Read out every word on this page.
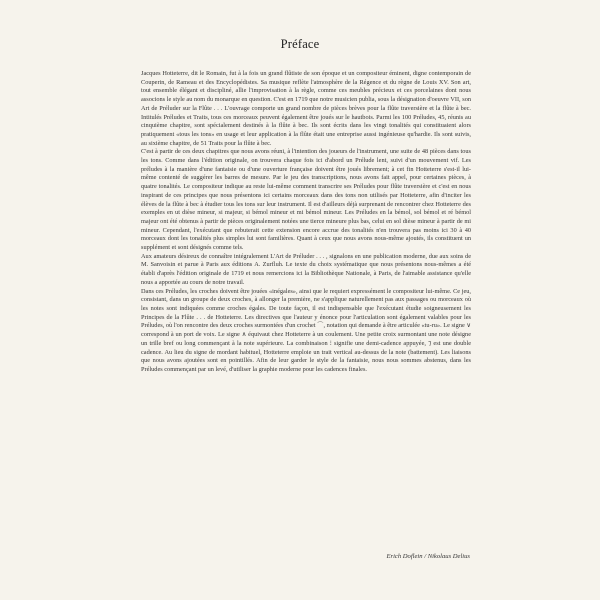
Préface

Jacques Hotteterre, dit le Romain, fut à la fois un grand flûtiste de son époque et un compositeur éminent, digne contemporain de Couperin, de Rameau et des Encyclopédistes. Sa musique reflète l'atmosphère de la Régence et du règne de Louis XV. Son art, tout ensemble élégant et discipliné, allie l'improvisation à la règle, comme ces meubles précieux et ces porcelaines dont nous associons le style au nom du monarque en question. C'est en 1719 que notre musicien publia, sous la désignation d'oeuvre VII, son Art de Préluder sur la Flûte . . . L'ouvrage comporte un grand nombre de pièces brèves pour la flûte traversière et la flûte à bec. Intitulés Préludes et Traits, tous ces morceaux peuvent également être joués sur le hautbois. Parmi les 100 Préludes, 45, réunis au cinquième chapitre, sont spécialement destinés à la flûte à bec. Ils sont écrits dans les vingt tonalités qui constituaient alors pratiquement «tous les tons» en usage et leur application à la flûte était une entreprise aussi ingénieuse qu'hardie. Ils sont suivis, au sixième chapitre, de 51 Traits pour la flûte à bec.

C'est à partir de ces deux chapitres que nous avons réuni, à l'intention des joueurs de l'instrument, une suite de 48 pièces dans tous les tons. Comme dans l'édition originale, on trouvera chaque fois ici d'abord un Prélude lent, suivi d'un mouvement vif. Les préludes à la manière d'une fantaisie ou d'une ouverture française doivent être joués librement; à cet fin Hotteterre s'est-il lui-même contenté de suggérer les barres de mesure. Par le jeu des transcriptions, nous avons fait appel, pour certaines pièces, à quatre tonalités. Le compositeur indique au reste lui-même comment transcrire ses Préludes pour flûte traversière et c'est en nous inspirant de ces principes que nous présentons ici certains morceaux dans des tons non utilisés par Hotteterre, afin d'inciter les élèves de la flûte à bec à étudier tous les tons sur leur instrument. Il est d'ailleurs déjà surprenant de rencontrer chez Hotteterre des exemples en ut dièse mineur, si majeur, si bémol mineur et mi bémol mineur. Les Préludes en la bémol, sol bémol et ré bémol majeur ont été obtenus à partir de pièces originalement notées une tierce mineure plus bas, celui en sol dièse mineur à partir de mi mineur. Cependant, l'exécutant que rebuterait cette extension encore accrue des tonalités n'en trouvera pas moins ici 30 à 40 morceaux dont les tonalités plus simples lui sont familières. Quant à ceux que nous avons nous-même ajoutés, ils constituent un supplément et sont désignés comme tels.

Aux amateurs désireux de connaître intégralement L'Art de Préluder . . . , signalons en une publication moderne, due aux soins de M. Sanvoisin et parue à Paris aux éditions A. Zurfluh. Le texte du choix systématique que nous présentons nous-mêmes a été établi d'après l'édition originale de 1719 et nous remercions ici la Bibliothèque Nationale, à Paris, de l'aimable assistance qu'elle nous a apportée au cours de notre travail.

Dans ces Préludes, les croches doivent être jouées «inégales», ainsi que le requiert expressément le compositeur lui-même. Ce jeu, consistant, dans un groupe de deux croches, à allonger la première, ne s'applique naturellement pas aux passages ou morceaux où les notes sont indiquées comme croches égales. De toute façon, il est indispensable que l'exécutant étudie soigneusement les Principes de la Flûte . . . de Hotteterre. Les directives que l'auteur y énonce pour l'articulation sont également valables pour les Préludes, où l'on rencontre des deux croches surmontées d'un crochet ⌒, notation qui demande à être articulée «tu-ru». Le signe ∨ correspond à un port de voix. Le signe ∧ équivaut chez Hotteterre à un coulement. Une petite croix surmontant une note désigne un trille bref ou long commençant à la note supérieure. La combinaison ⁝ signifie une demi-cadence appuyée, ⁊ est une double cadence. Au lieu du signe de mordant habituel, Hotteterre emploie un trait vertical au-dessus de la note (battement). Les liaisons que nous avons ajoutées sont en pointillés. Afin de leur garder le style de la fantaisie, nous nous sommes abstenus, dans les Préludes commençant par un levé, d'utiliser la graphie moderne pour les cadences finales.

Erich Doflein / Nikolaus Delius
